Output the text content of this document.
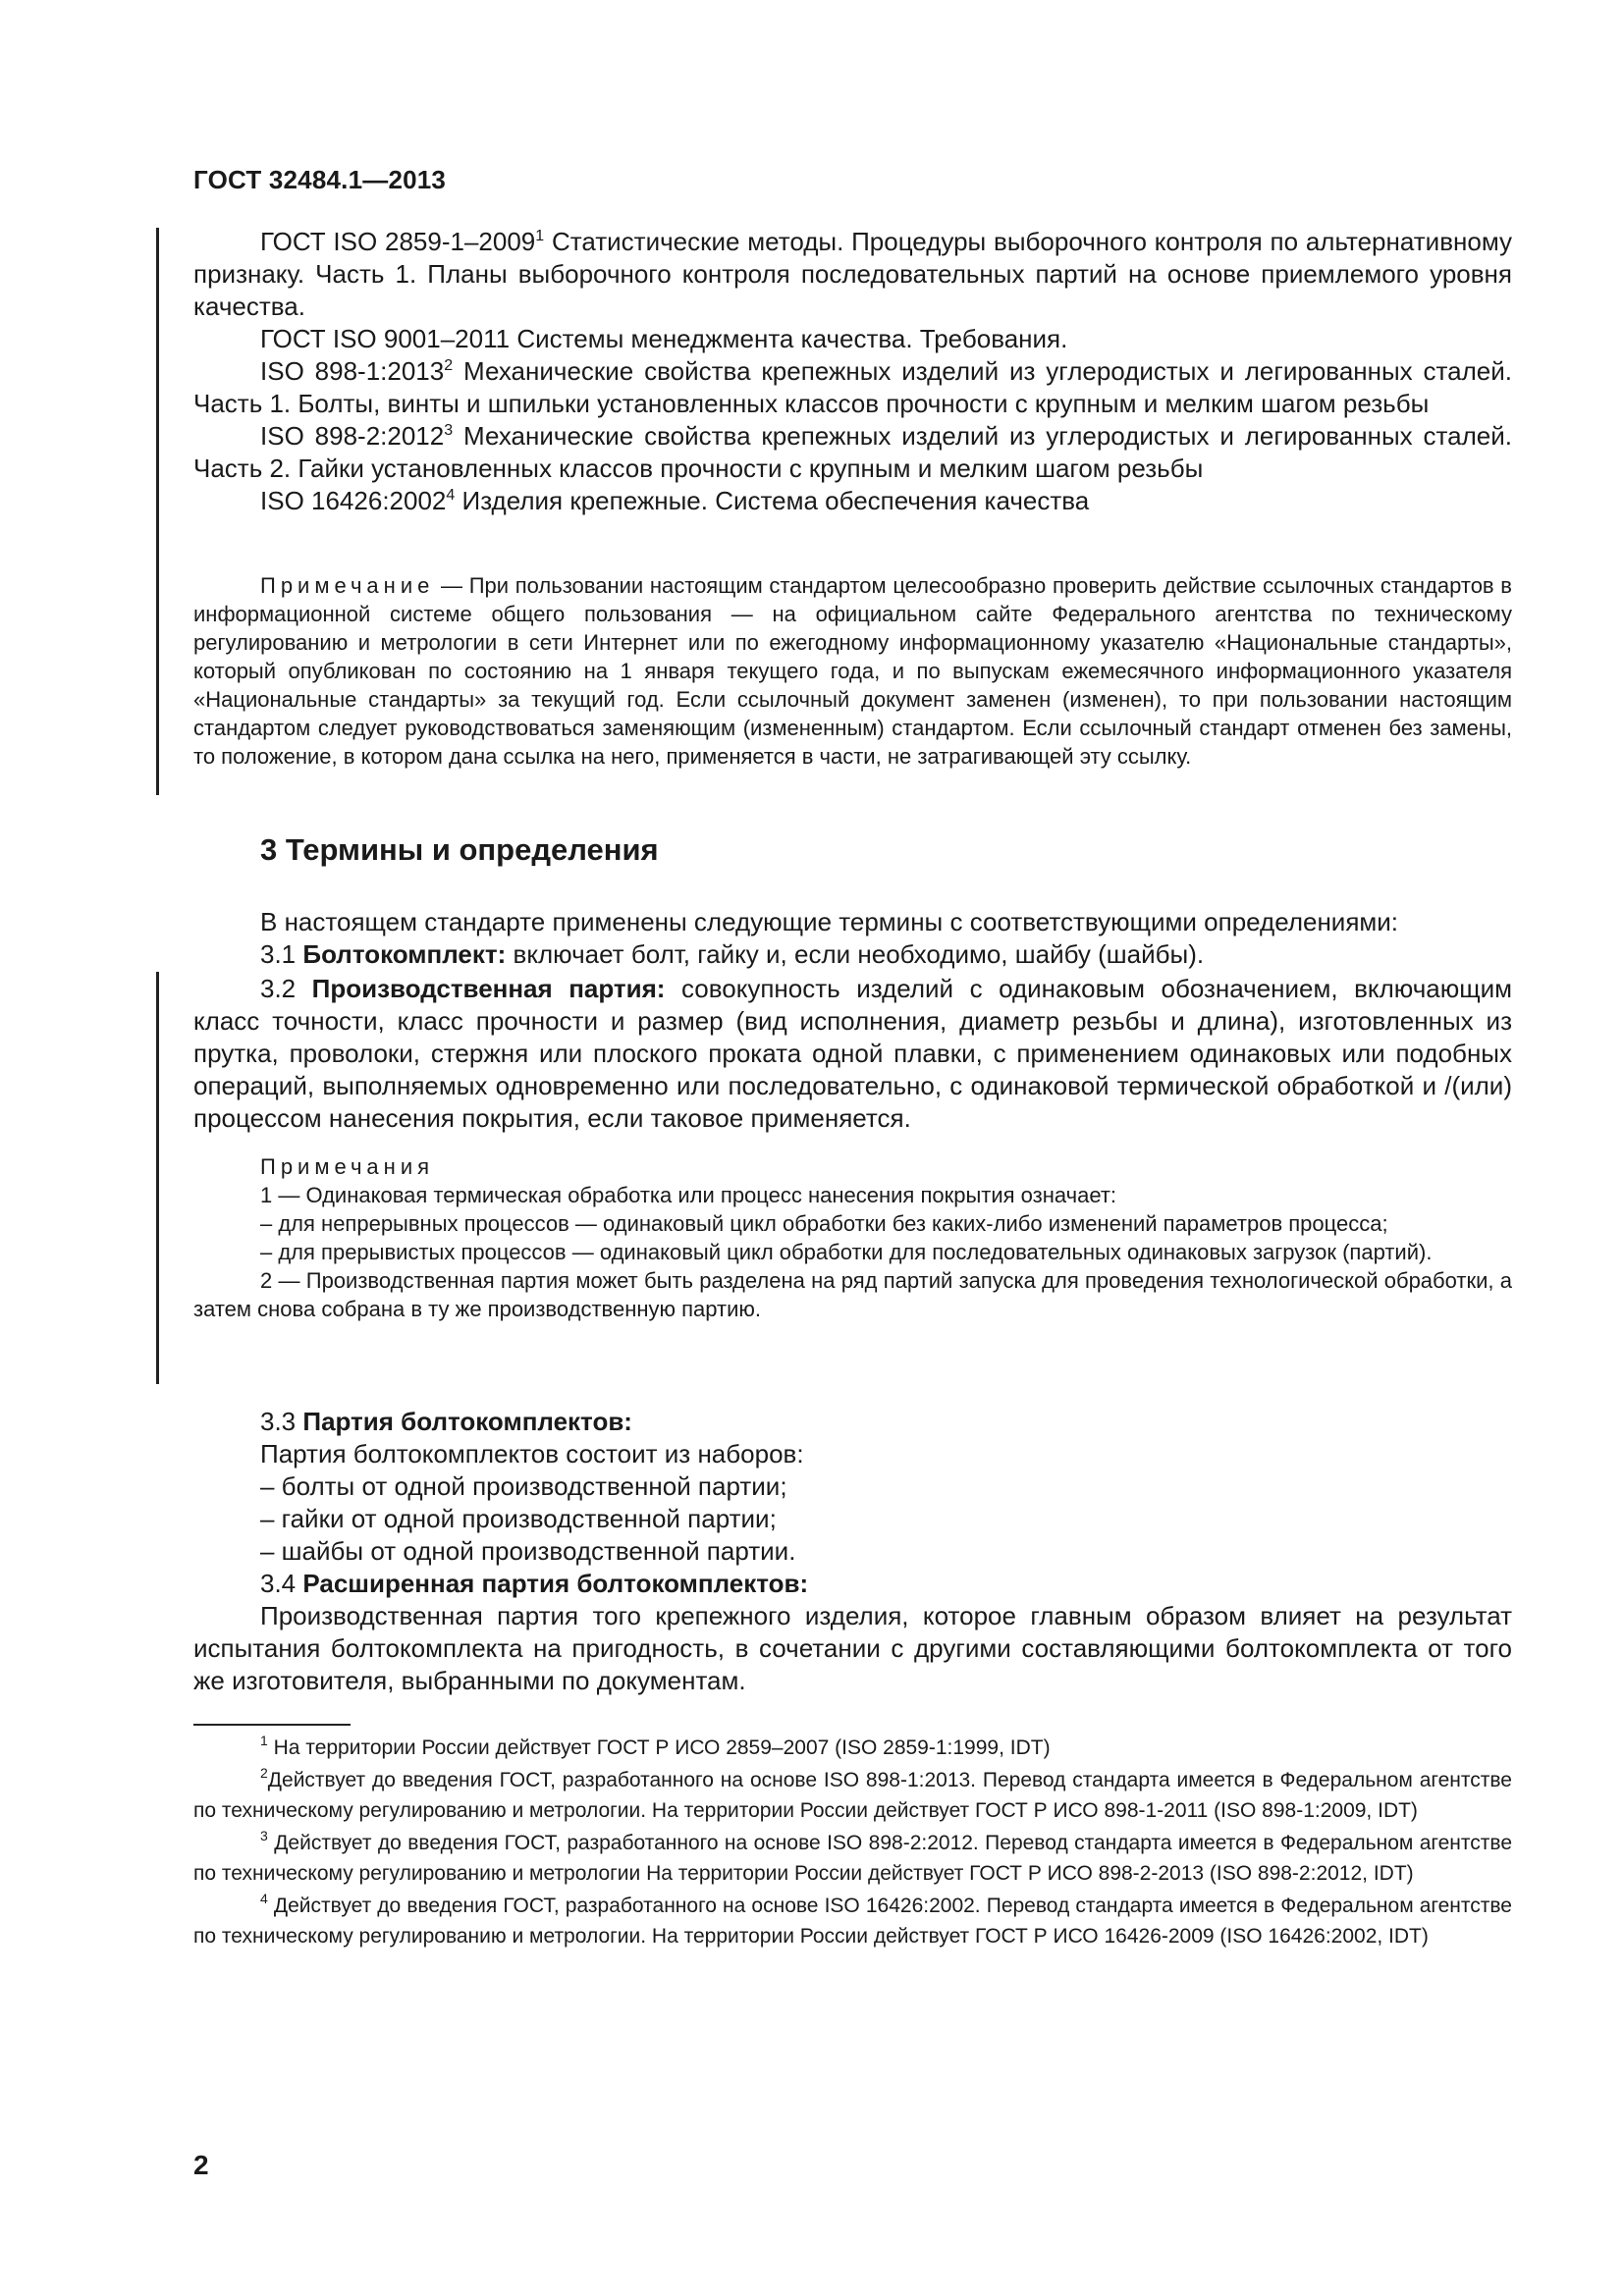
ГОСТ 32484.1—2013

ГОСТ ISO 2859-1–2009$^1$ Статистические методы. Процедуры выборочного контроля по альтернативному признаку. Часть 1. Планы выборочного контроля последовательных партий на основе приемлемого уровня качества.

ГОСТ ISO 9001–2011 Системы менеджмента качества. Требования.

ISO 898-1:2013$^2$ Механические свойства крепежных изделий из углеродистых и легированных сталей. Часть 1. Болты, винты и шпильки установленных классов прочности с крупным и мелким шагом резьбы

ISO 898-2:2012$^3$ Механические свойства крепежных изделий из углеродистых и легированных сталей. Часть 2. Гайки установленных классов прочности с крупным и мелким шагом резьбы

ISO 16426:2002$^4$ Изделия крепежные. Система обеспечения качества

Примечание — При пользовании настоящим стандартом целесообразно проверить действие ссылочных стандартов в информационной системе общего пользования — на официальном сайте Федерального агентства по техническому регулированию и метрологии в сети Интернет или по ежегодному информационному указателю «Национальные стандарты», который опубликован по состоянию на 1 января текущего года, и по выпускам ежемесячного информационного указателя «Национальные стандарты» за текущий год. Если ссылочный документ заменен (изменен), то при пользовании настоящим стандартом следует руководствоваться заменяющим (измененным) стандартом. Если ссылочный стандарт отменен без замены, то положение, в котором дана ссылка на него, применяется в части, не затрагивающей эту ссылку.

3 Термины и определения

В настоящем стандарте применены следующие термины с соответствующими определениями:

3.1 Болтокомплект: включает болт, гайку и, если необходимо, шайбу (шайбы).

3.2 Производственная партия: совокупность изделий с одинаковым обозначением, включающим класс точности, класс прочности и размер (вид исполнения, диаметр резьбы и длина), изготовленных из прутка, проволоки, стержня или плоского проката одной плавки, с применением одинаковых или подобных операций, выполняемых одновременно или последовательно, с одинаковой термической обработкой и /(или) процессом нанесения покрытия, если таковое применяется.

Примечания

1 — Одинаковая термическая обработка или процесс нанесения покрытия означает:

– для непрерывных процессов — одинаковый цикл обработки без каких-либо изменений параметров процесса;

– для прерывистых процессов — одинаковый цикл обработки для последовательных одинаковых загрузок (партий).

2 — Производственная партия может быть разделена на ряд партий запуска для проведения технологической обработки, а затем снова собрана в ту же производственную партию.

3.3 Партия болтокомплектов:

Партия болтокомплектов состоит из наборов:

– болты от одной производственной партии;

– гайки от одной производственной партии;

– шайбы от одной производственной партии.

3.4 Расширенная партия болтокомплектов:

Производственная партия того крепежного изделия, которое главным образом влияет на результат испытания болтокомплекта на пригодность, в сочетании с другими составляющими болтокомплекта от того же изготовителя, выбранными по документам.

$^1$ На территории России действует ГОСТ Р ИСО 2859–2007 (ISO 2859-1:1999, IDT)

$^2$Действует до введения ГОСТ, разработанного на основе ISO 898-1:2013. Перевод стандарта имеется в Федеральном агентстве по техническому регулированию и метрологии. На территории России действует ГОСТ Р ИСО 898-1-2011 (ISO 898-1:2009, IDT)

$^3$ Действует до введения ГОСТ, разработанного на основе ISO 898-2:2012. Перевод стандарта имеется в Федеральном агентстве по техническому регулированию и метрологии На территории России действует ГОСТ Р ИСО 898-2-2013 (ISO 898-2:2012, IDT)

$^4$ Действует до введения ГОСТ, разработанного на основе ISO 16426:2002. Перевод стандарта имеется в Федеральном агентстве по техническому регулированию и метрологии. На территории России действует ГОСТ Р ИСО 16426-2009 (ISO 16426:2002, IDT)

2
